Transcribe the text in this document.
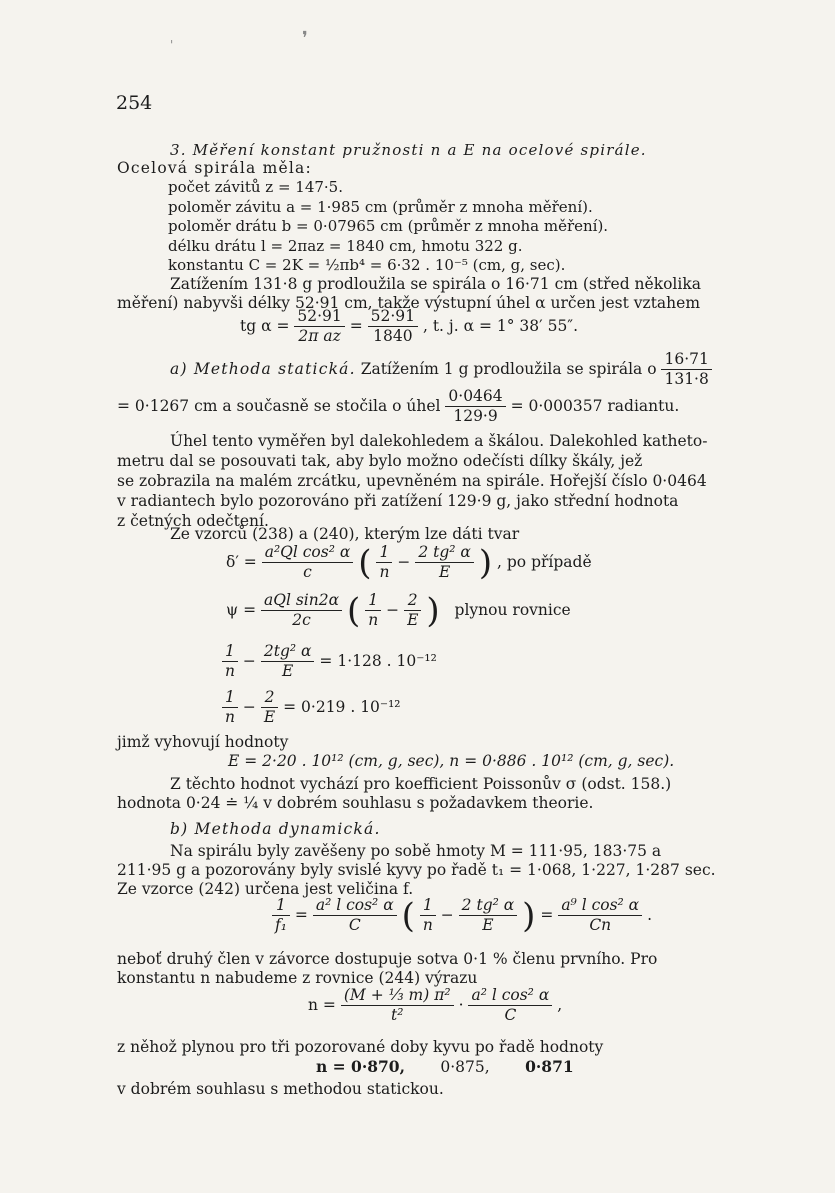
❜
'
254
3. Měření konstant pružnosti n a E na ocelové spirále.
Ocelová spirála měla:
počet závitů z = 147·5.
poloměr závitu a = 1·985 cm (průměr z mnoha měření).
poloměr drátu b = 0·07965 cm (průměr z mnoha měření).
délku drátu l = 2πaz = 1840 cm, hmotu 322 g.
konstantu C = 2K = ½πb⁴ = 6·32 . 10⁻⁵ (cm, g, sec).
Zatížením 131·8 g prodloužila se spirála o 16·71 cm (střed několika
měření) nabyvši délky 52·91 cm, takže výstupní úhel α určen jest vztahem
tg $\alpha = \frac{52\cdot 91}{\text{2π az}} = \frac{52\cdot 91}{1840}$ , t. j. α = 1° 38′ 55″.
a) Methoda statická. Zatížením 1 g prodloužila se spirála o $\frac{16\cdot 71}{131\cdot 8}$
= 0·1267 cm a současně se stočila o úhel $\frac{0\cdot 0464}{129\cdot 9} = 0\cdot 000357$ radiantu.
Úhel tento vyměřen byl dalekohledem a škálou. Dalekohled katheto-
metru dal se posouvati tak, aby bylo možno odečísti dílky škály, jež
se zobrazila na malém zrcátku, upevněném na spirále. Hořejší číslo 0·0464
v radiantech bylo pozorováno při zatížení 129·9 g, jako střední hodnota
z četných odečtení.
Ze vzorců (238) a (240), kterým lze dáti tvar
$\delta' = \frac{\text{a²Ql cos² α}}{c}$ ( $\frac{1}{n} - \frac{\text{2 tg² α}}{E}$ ) , po případě
$\psi = \frac{\text{aQl sin2α}}{2c}$ ( $\frac{1}{n} - \frac{2}{E}$ ) plynou rovnice
$\frac{1}{n} - \frac{\text{2tg² α}}{E} = 1\cdot 128$ . 10⁻¹²
$\frac{1}{n} - \frac{2}{E} = 0\cdot 219$ . 10⁻¹²
jimž vyhovují hodnoty
E = 2·20 . 10¹² (cm, g, sec), n = 0·886 . 10¹² (cm, g, sec).
Z těchto hodnot vychází pro koefficient Poissonův σ (odst. 158.)
hodnota 0·24 ≐ ¼ v dobrém souhlasu s požadavkem theorie.
b) Methoda dynamická.
Na spirálu byly zavěšeny po sobě hmoty M = 111·95, 183·75 a
211·95 g a pozorovány byly svislé kyvy po řadě t₁ = 1·068, 1·227, 1·287 sec.
Ze vzorce (242) určena jest veličina f.
$\frac{1}{\text{f₁}} = \frac{\text{a² l cos² α}}{C}$ ( $\frac{1}{n} - \frac{\text{2 tg² α}}{E}$ ) = $\frac{\text{a⁹ l cos² α}}{Cn}$ .
neboť druhý člen v závorce dostupuje sotva 0·1 % členu prvního. Pro
konstantu n nabudeme z rovnice (244) výrazu
$n = \frac{\text{(M + ⅓ m) π²}}{\text{t²}} \cdot \frac{\text{a² l cos² α}}{C}$ ,
z něhož plynou pro tři pozorované doby kyvu po řadě hodnoty
n = 0·870, 0·875, 0·871
v dobrém souhlasu s methodou statickou.
